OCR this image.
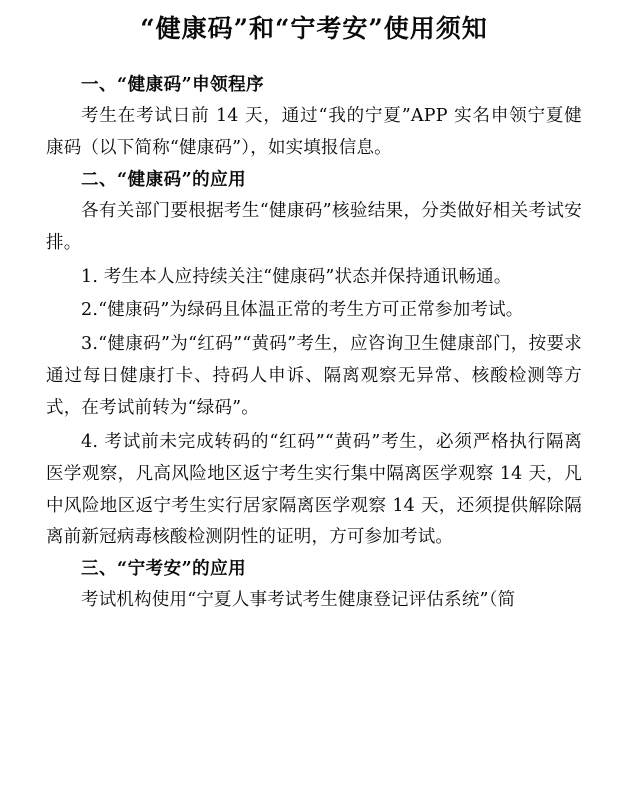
“健康码”和“宁考安”使用须知

一、“健康码”申领程序

考生在考试日前 14 天，通过“我的宁夏”APP 实名申领宁夏健康码（以下简称“健康码”），如实填报信息。

二、“健康码”的应用

各有关部门要根据考生“健康码”核验结果，分类做好相关考试安排。

1. 考生本人应持续关注“健康码”状态并保持通讯畅通。

2.“健康码”为绿码且体温正常的考生方可正常参加考试。

3.“健康码”为“红码”“黄码”考生，应咨询卫生健康部门，按要求通过每日健康打卡、持码人申诉、隔离观察无异常、核酸检测等方式，在考试前转为“绿码”。

4. 考试前未完成转码的“红码”“黄码”考生，必须严格执行隔离医学观察，凡高风险地区返宁考生实行集中隔离医学观察 14 天，凡中风险地区返宁考生实行居家隔离医学观察 14 天，还须提供解除隔离前新冠病毒核酸检测阴性的证明，方可参加考试。

三、“宁考安”的应用

考试机构使用“宁夏人事考试考生健康登记评估系统”（简
